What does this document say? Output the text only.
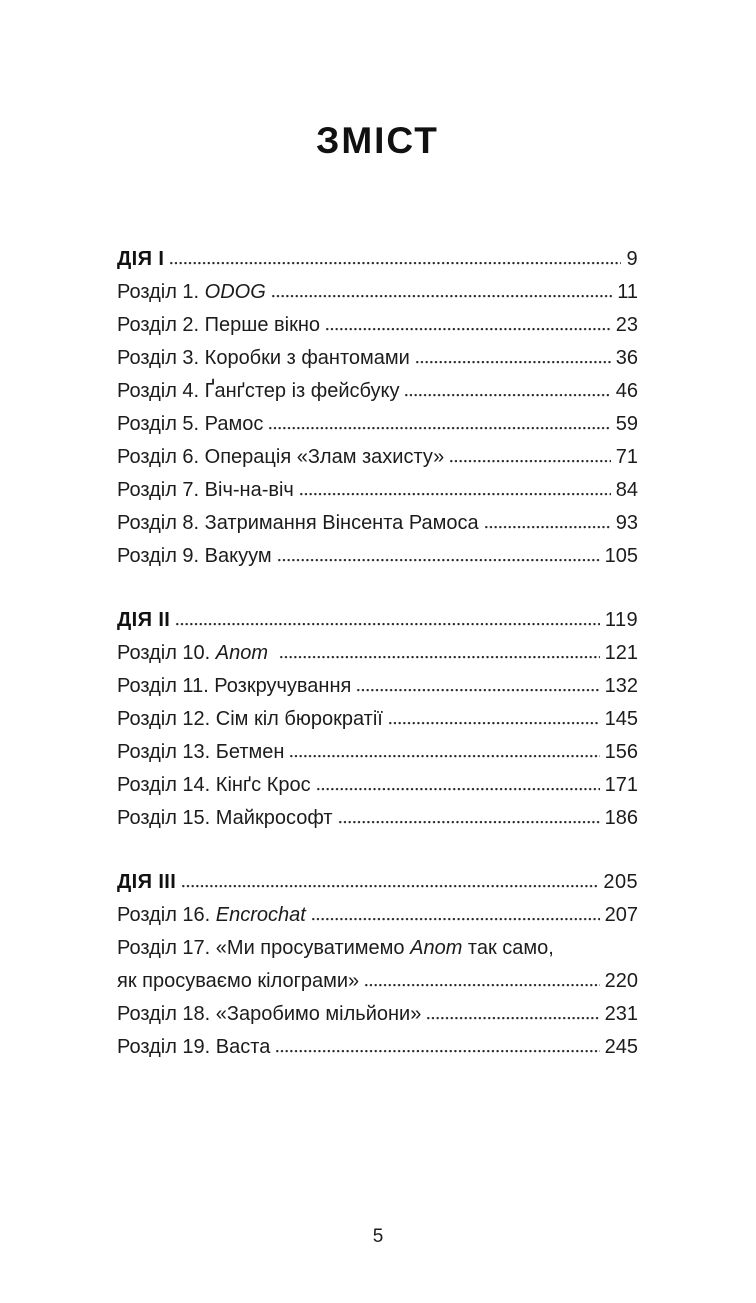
ЗМІСТ
ДІЯ I	9
Розділ 1. ODOG	11
Розділ 2. Перше вікно	23
Розділ 3. Коробки з фантомами	36
Розділ 4. Ґанґстер із фейсбуку	46
Розділ 5. Рамос	59
Розділ 6. Операція «Злам захисту»	71
Розділ 7. Віч-на-віч	84
Розділ 8. Затримання Вінсента Рамоса	93
Розділ 9. Вакуум	105
ДІЯ II	119
Розділ 10. Anom	121
Розділ 11. Розкручування	132
Розділ 12. Сім кіл бюрократії	145
Розділ 13. Бетмен	156
Розділ 14. Кінґс Крос	171
Розділ 15. Майкрософт	186
ДІЯ III	205
Розділ 16. Encrochat	207
Розділ 17. «Ми просуватимемо Anom так само,
як просуваємо кілограми»	220
Розділ 18. «Заробимо мільйони»	231
Розділ 19. Васта	245
5
